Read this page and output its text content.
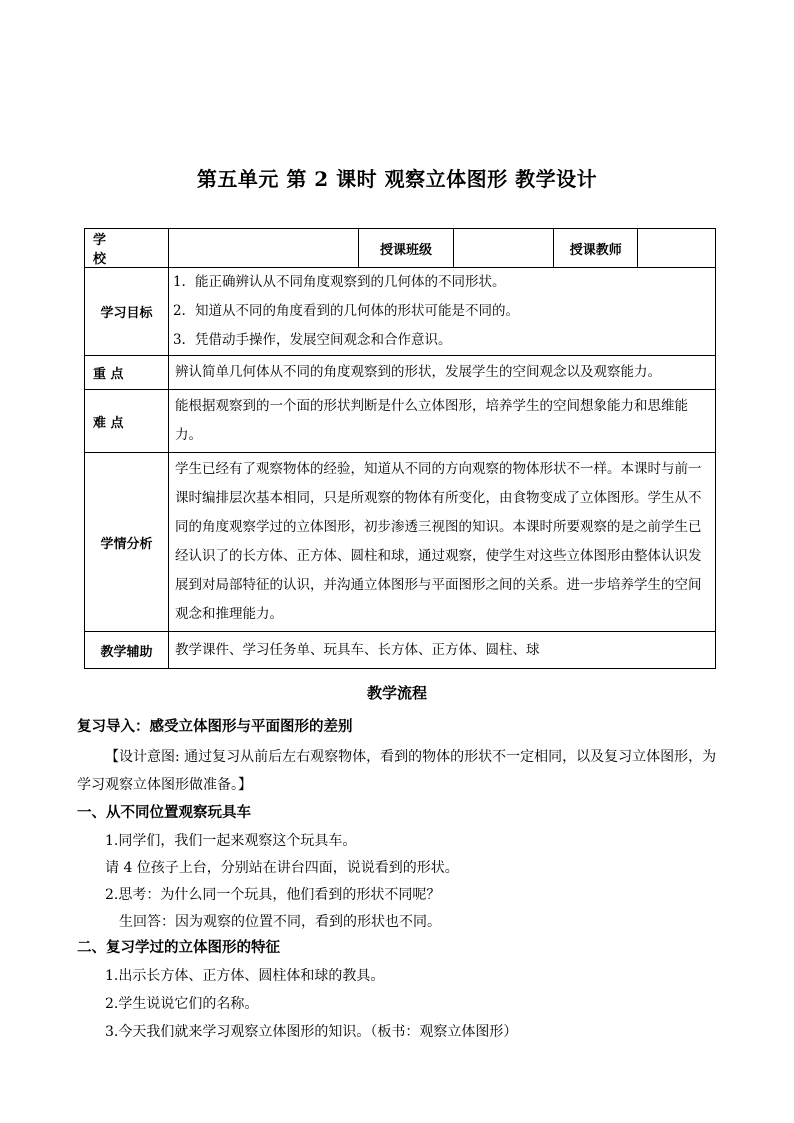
第五单元 第 2 课时 观察立体图形 教学设计
学 校		授课班级		授课教师	
学习目标	1. 能正确辨认从不同角度观察到的几何体的不同形状。
2. 知道从不同的角度看到的几何体的形状可能是不同的。
3. 凭借动手操作，发展空间观念和合作意识。				

重 点	辨认简单几何体从不同的角度观察到的形状，发展学生的空间观念以及观察能力。				

难 点	能根据观察到的一个面的形状判断是什么立体图形，培养学生的空间想象能力和思维能力。				

学情分析	学生已经有了观察物体的经验，知道从不同的方向观察的物体形状不一样。本课时与前一课时编排层次基本相同，只是所观察的物体有所变化，由食物变成了立体图形。学生从不同的角度观察学过的立体图形，初步渗透三视图的知识。本课时所要观察的是之前学生已经认识了的长方体、正方体、圆柱和球，通过观察，使学生对这些立体图形由整体认识发展到对局部特征的认识，并沟通立体图形与平面图形之间的关系。进一步培养学生的空间观念和推理能力。				

教学辅助	教学课件、学习任务单、玩具车、长方体、正方体、圆柱、球				
教学流程
复习导入：感受立体图形与平面图形的差别
【设计意图: 通过复习从前后左右观察物体，看到的物体的形状不一定相同，以及复习立体图形，为学习观察立体图形做准备。】
一、从不同位置观察玩具车
1.同学们，我们一起来观察这个玩具车。
请 4 位孩子上台，分别站在讲台四面，说说看到的形状。
2.思考：为什么同一个玩具，他们看到的形状不同呢？
生回答：因为观察的位置不同，看到的形状也不同。
二、复习学过的立体图形的特征
1.出示长方体、正方体、圆柱体和球的教具。
2.学生说说它们的名称。
3.今天我们就来学习观察立体图形的知识。（板书：观察立体图形）
